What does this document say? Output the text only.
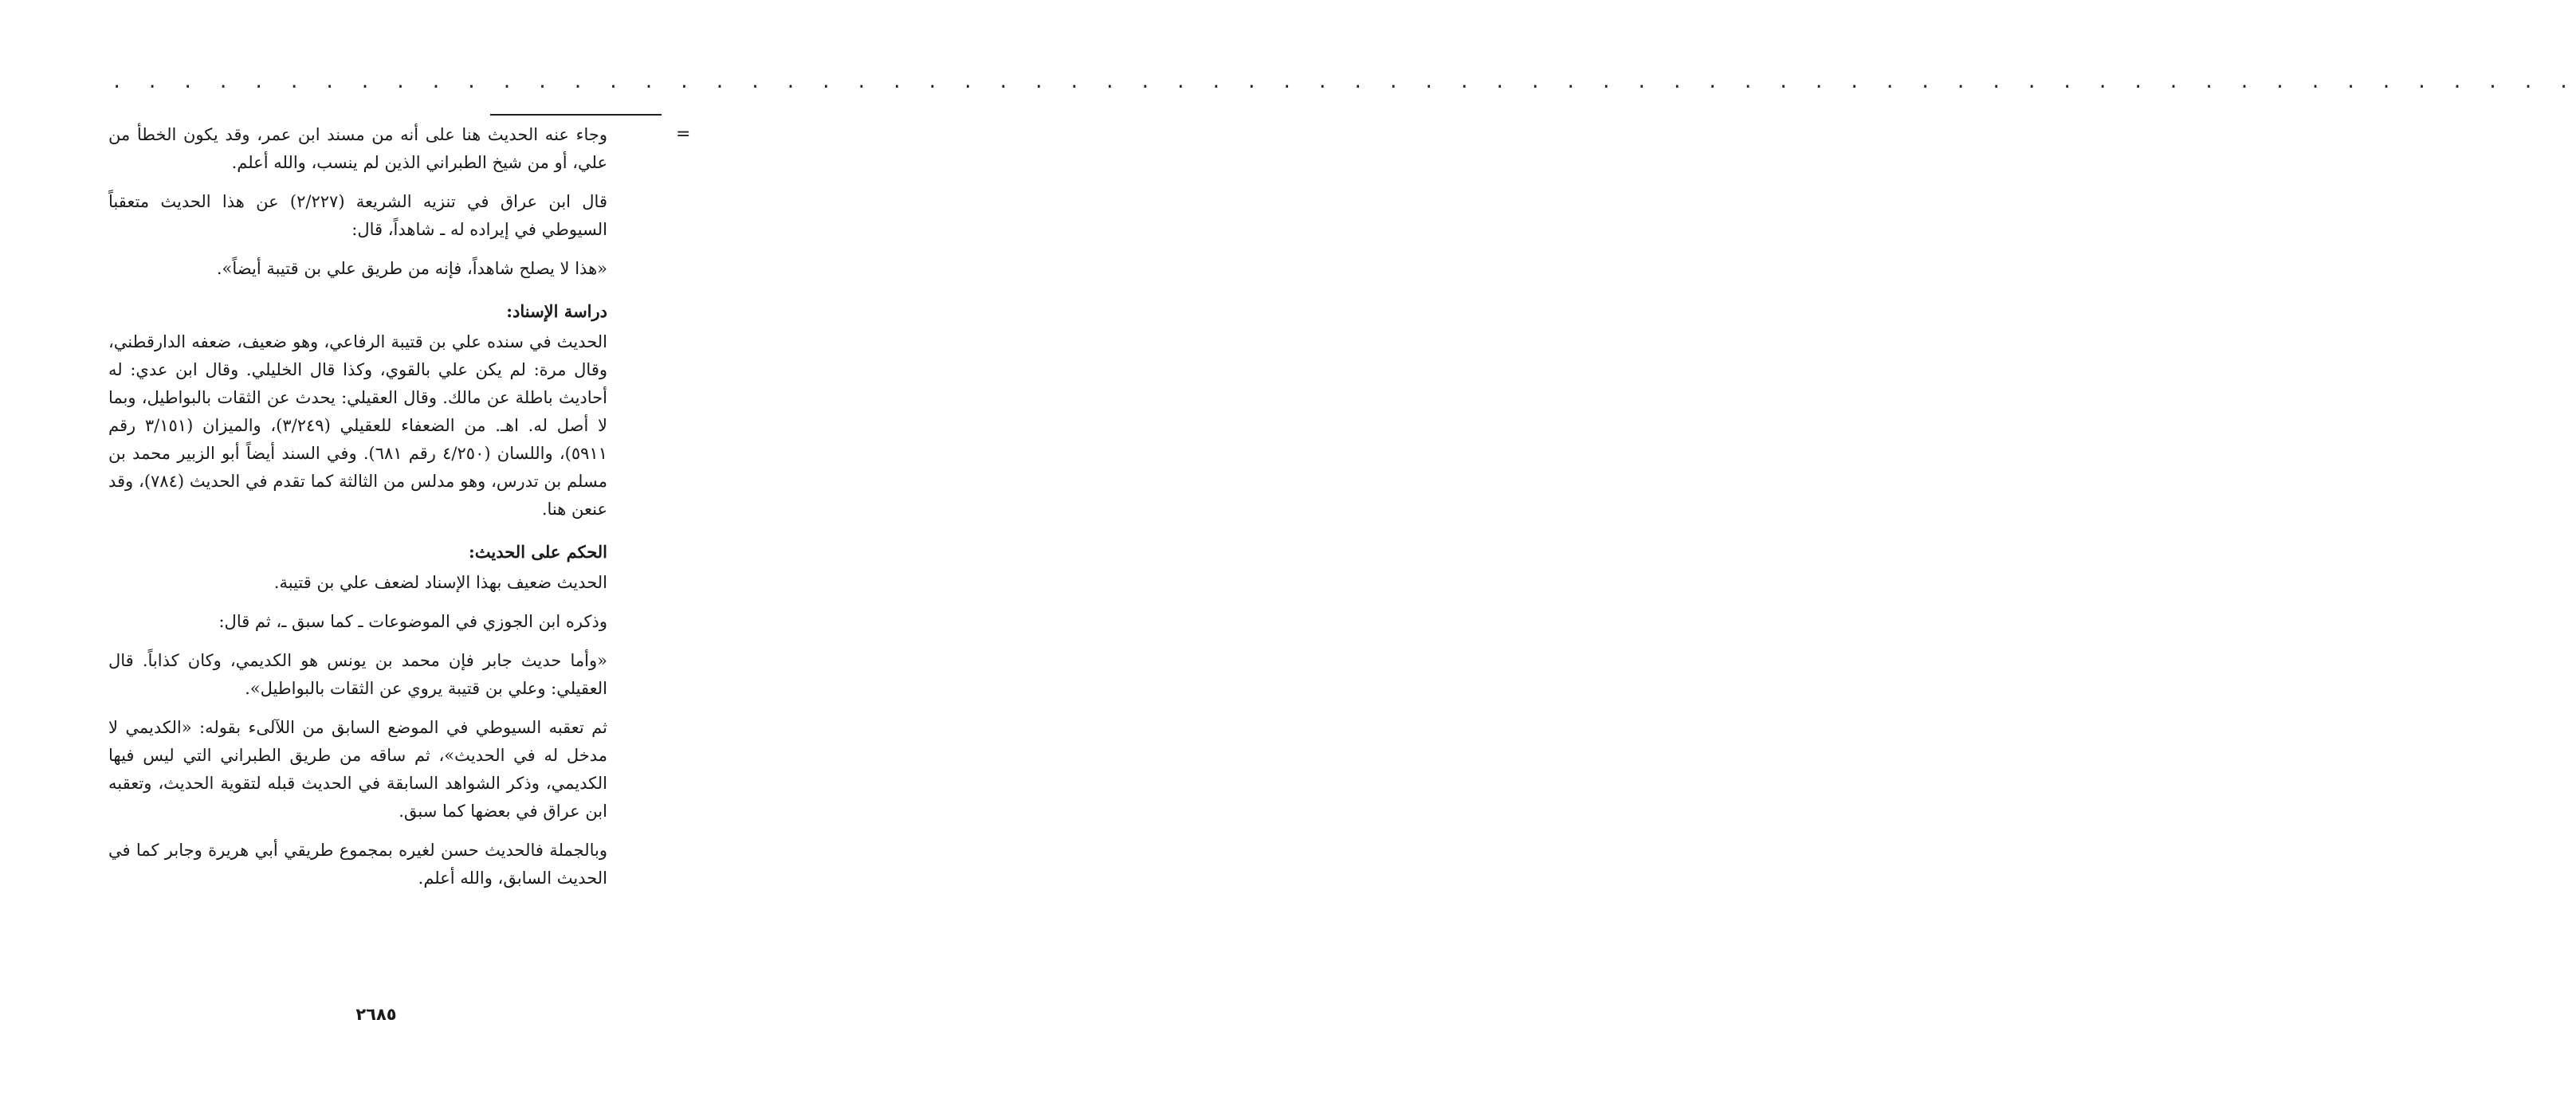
. . . . . . . . . . . . . . . . . . . . . . . . . . . . . . . . . . . . . . . . . . . . . . . . . . . . . . . . . . . . . . . . . . . . . .
=

وجاء عنه الحديث هنا على أنه من مسند ابن عمر، وقد يكون الخطأ من علي، أو من شيخ الطبراني الذين لم ينسب، والله أعلم.

قال ابن عراق في تنزيه الشريعة (٢/٢٢٧) عن هذا الحديث متعقباً السيوطي في إيراده له ـ شاهداً، قال:

«هذا لا يصلح شاهداً، فإنه من طريق علي بن قتيبة أيضاً».

دراسة الإسناد:

الحديث في سنده علي بن قتيبة الرفاعي، وهو ضعيف، ضعفه الدارقطني، وقال مرة: لم يكن علي بالقوي، وكذا قال الخليلي. وقال ابن عدي: له أحاديث باطلة عن مالك. وقال العقيلي: يحدث عن الثقات بالبواطيل، وبما لا أصل له. اهـ. من الضعفاء للعقيلي (٣/٢٤٩)، والميزان (٣/١٥١ رقم ٥٩١١)، واللسان (٤/٢٥٠ رقم ٦٨١). وفي السند أيضاً أبو الزبير محمد بن مسلم بن تدرس، وهو مدلس من الثالثة كما تقدم في الحديث (٧٨٤)، وقد عنعن هنا.

الحكم على الحديث:

الحديث ضعيف بهذا الإسناد لضعف علي بن قتيبة.

وذكره ابن الجوزي في الموضوعات ـ كما سبق ـ، ثم قال:

«وأما حديث جابر فإن محمد بن يونس هو الكديمي، وكان كذاباً. قال العقيلي: وعلي بن قتيبة يروي عن الثقات بالبواطيل».

ثم تعقبه السيوطي في الموضع السابق من اللآلىء بقوله: «الكديمي لا مدخل له في الحديث»، ثم ساقه من طريق الطبراني التي ليس فيها الكديمي، وذكر الشواهد السابقة في الحديث قبله لتقوية الحديث، وتعقبه ابن عراق في بعضها كما سبق.

وبالجملة فالحديث حسن لغيره بمجموع طريقي أبي هريرة وجابر كما في الحديث السابق، والله أعلم.

٢٦٨٥
